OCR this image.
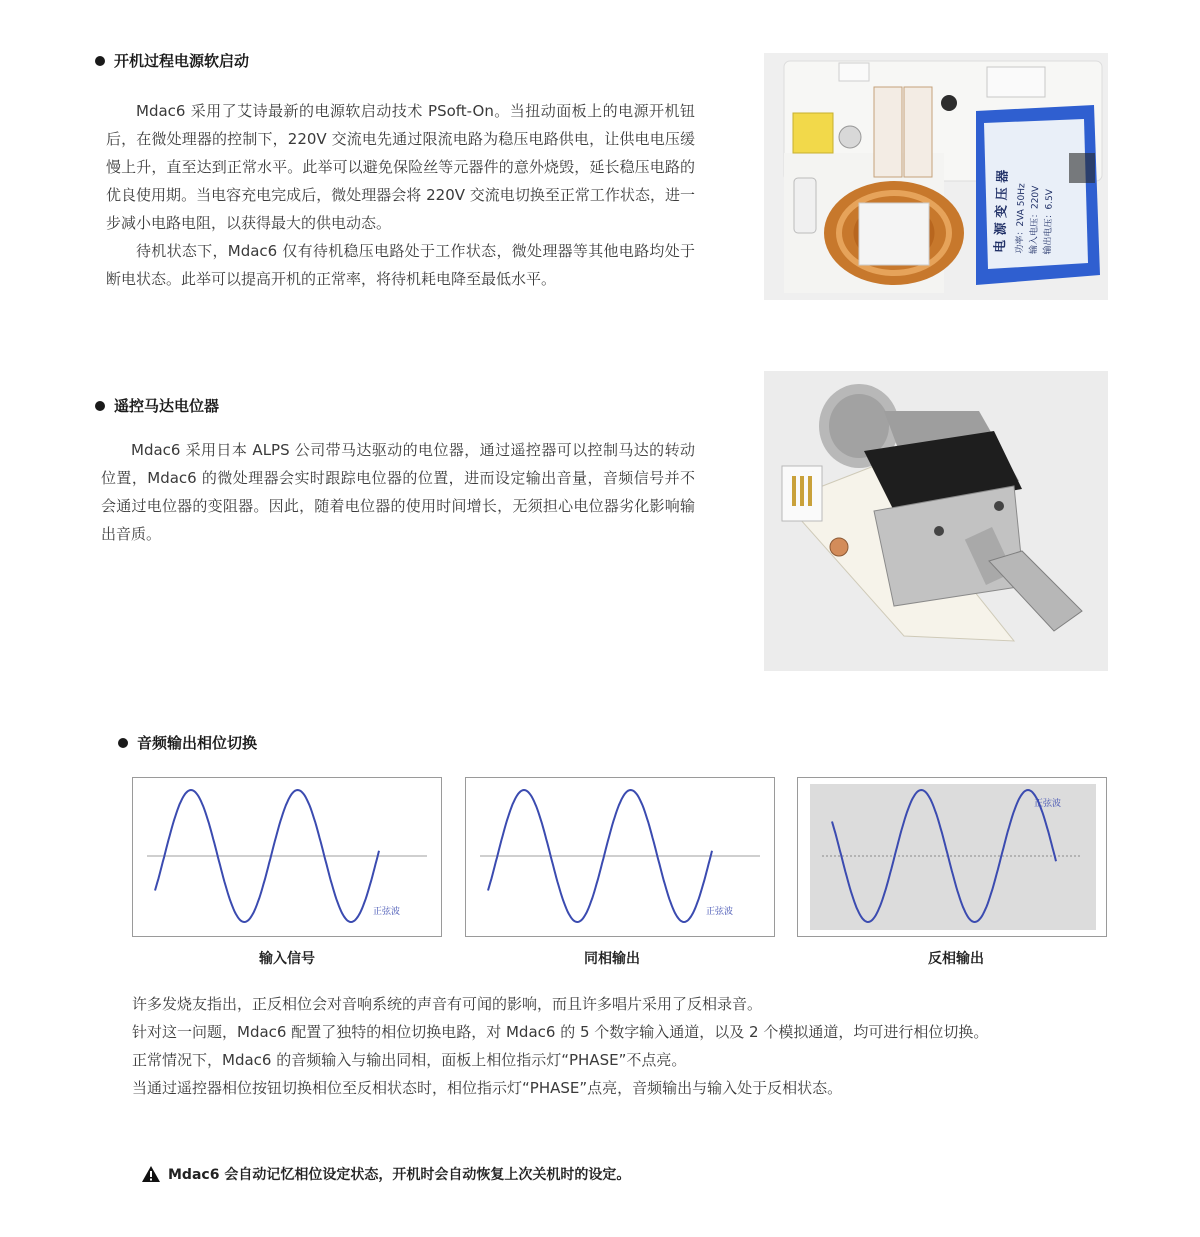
开机过程电源软启动

Mdac6 采用了艾诗最新的电源软启动技术 PSoft-On。当扭动面板上的电源开机钮后，在微处理器的控制下，220V 交流电先通过限流电路为稳压电路供电，让供电电压缓慢上升，直至达到正常水平。此举可以避免保险丝等元器件的意外烧毁，延长稳压电路的优良使用期。当电容充电完成后，微处理器会将 220V 交流电切换至正常工作状态，进一步减小电路电阻，以获得最大的供电动态。

待机状态下，Mdac6 仅有待机稳压电路处于工作状态，微处理器等其他电路均处于断电状态。此举可以提高开机的正常率，将待机耗电降至最低水平。

电 源 变 压 器 功率：2VA 50Hz 输入电压：220V 输出电压：6.5V
遥控马达电位器

Mdac6 采用日本 ALPS 公司带马达驱动的电位器，通过遥控器可以控制马达的转动位置，Mdac6 的微处理器会实时跟踪电位器的位置，进而设定输出音量，音频信号并不会通过电位器的变阻器。因此，随着电位器的使用时间增长，无须担心电位器劣化影响输出音质。

音频输出相位切换
正弦波	正弦波
正弦波
输入信号	同相输出	反相输出
许多发烧友指出，正反相位会对音响系统的声音有可闻的影响，而且许多唱片采用了反相录音。
针对这一问题，Mdac6 配置了独特的相位切换电路，对 Mdac6 的 5 个数字输入通道，以及 2 个模拟通道，均可进行相位切换。
正常情况下，Mdac6 的音频输入与输出同相，面板上相位指示灯“PHASE”不点亮。
当通过遥控器相位按钮切换相位至反相状态时，相位指示灯“PHASE”点亮，音频输出与输入处于反相状态。
Mdac6 会自动记忆相位设定状态，开机时会自动恢复上次关机时的设定。
